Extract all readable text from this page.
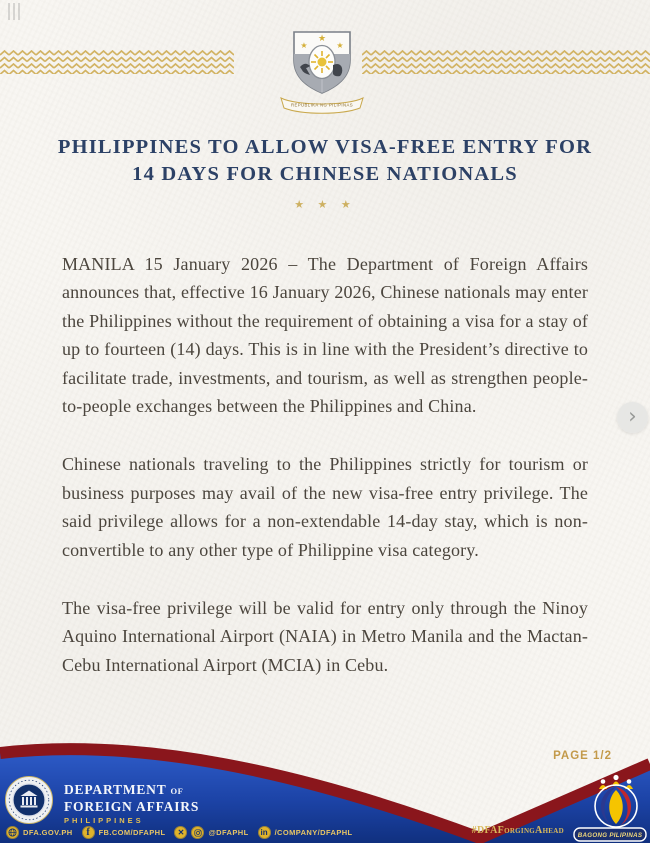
★
★	★
REPUBLIKA NG PILIPINAS
PHILIPPINES TO ALLOW VISA-FREE ENTRY FOR
14 DAYS FOR CHINESE NATIONALS
★ ★ ★

MANILA 15 January 2026 – The Department of Foreign Affairs announces that, effective 16 January 2026, Chinese nationals may enter the Philippines without the requirement of obtaining a visa for a stay of up to fourteen (14) days. This is in line with the President’s directive to facilitate trade, investments, and tourism, as well as strengthen people-to-people exchanges between the Philippines and China.

Chinese nationals traveling to the Philippines strictly for tourism or business purposes may avail of the new visa-free entry privilege. The said privilege allows for a non-extendable 14-day stay, which is non-convertible to any other type of Philippine visa category.

The visa-free privilege will be valid for entry only through the Ninoy Aquino International Airport (NAIA) in Metro Manila and the Mactan-Cebu International Airport (MCIA) in Cebu.

PAGE 1/2
›
DEPARTMENT OF
FOREIGN AFFAIRS
PHILIPPINES
DFA.GOV.PH	f	FB.COM/DFAPHL	✕	@DFAPHL	in /COMPANY/DFAPHL	#DFAForgingAhead BAGONG PILIPINAS
